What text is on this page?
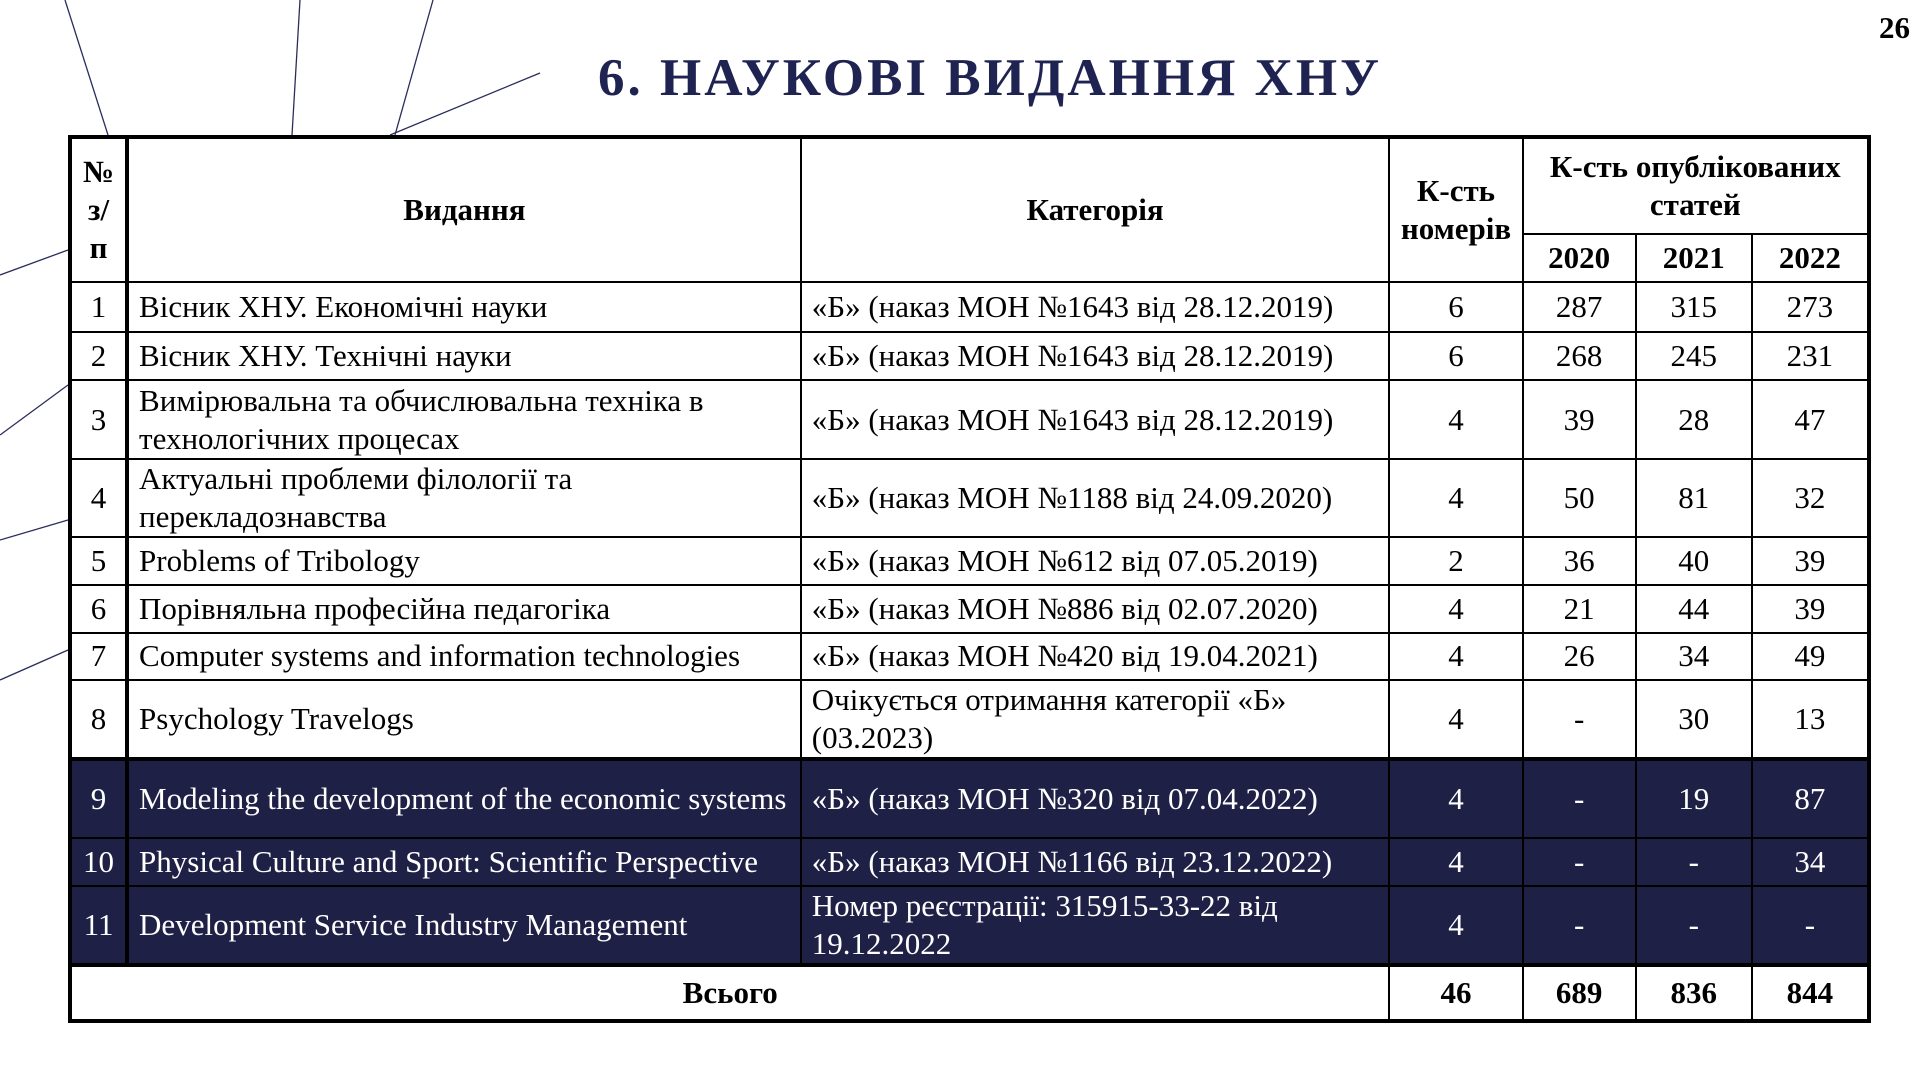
26
6. НАУКОВІ ВИДАННЯ ХНУ
№ з/п	Видання	Категорія	К-сть номерів	К-сть опублікованих статей		
				2020	2021	2022
1	Вісник ХНУ. Економічні науки	«Б» (наказ МОН №1643 від 28.12.2019)	6	287	315	273
2	Вісник ХНУ. Технічні науки	«Б» (наказ МОН №1643 від 28.12.2019)	6	268	245	231
3	Вимірювальна та обчислювальна техніка в технологічних процесах	«Б» (наказ МОН №1643 від 28.12.2019)	4	39	28	47
4	Актуальні проблеми філології та перекладознавства	«Б» (наказ МОН №1188 від 24.09.2020)	4	50	81	32
5	Problems of Tribology	«Б» (наказ МОН №612 від 07.05.2019)	2	36	40	39
6	Порівняльна професійна педагогіка	«Б» (наказ МОН №886 від 02.07.2020)	4	21	44	39
7	Computer systems and information technologies	«Б» (наказ МОН №420 від 19.04.2021)	4	26	34	49
8	Psychology Travelogs	Очікується отримання категорії «Б» (03.2023)	4	-	30	13
9	Modeling the development of the economic systems	«Б» (наказ МОН №320 від 07.04.2022)	4	-	19	87
10	Physical Culture and Sport: Scientific Perspective	«Б» (наказ МОН №1166 від 23.12.2022)	4	-	-	34
11	Development Service Industry Management	Номер реєстрації: 315915-33-22 від 19.12.2022	4	-	-	-
Всього			46	689	836	844
